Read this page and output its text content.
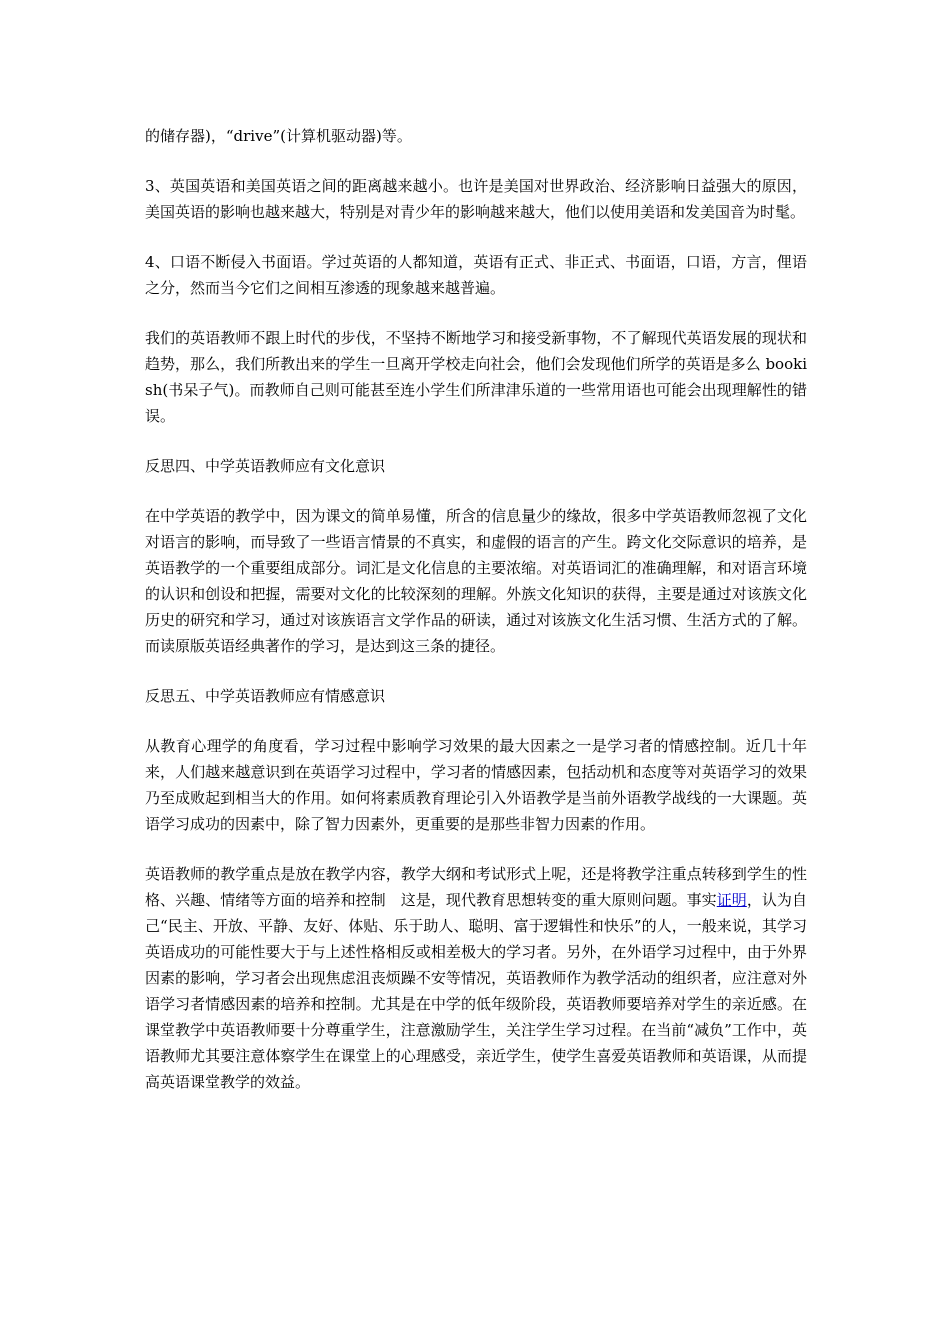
的储存器)，“drive”(计算机驱动器)等。

3、英国英语和美国英语之间的距离越来越小。也许是美国对世界政治、经济影响日益强大的原因，美国英语的影响也越来越大，特别是对青少年的影响越来越大，他们以使用美语和发美国音为时髦。

4、口语不断侵入书面语。学过英语的人都知道，英语有正式、非正式、书面语，口语，方言，俚语之分，然而当今它们之间相互渗透的现象越来越普遍。

我们的英语教师不跟上时代的步伐，不坚持不断地学习和接受新事物，不了解现代英语发展的现状和趋势，那么，我们所教出来的学生一旦离开学校走向社会，他们会发现他们所学的英语是多么 bookish(书呆子气)。而教师自己则可能甚至连小学生们所津津乐道的一些常用语也可能会出现理解性的错误。

反思四、中学英语教师应有文化意识

在中学英语的教学中，因为课文的简单易懂，所含的信息量少的缘故，很多中学英语教师忽视了文化对语言的影响，而导致了一些语言情景的不真实，和虚假的语言的产生。跨文化交际意识的培养，是英语教学的一个重要组成部分。词汇是文化信息的主要浓缩。对英语词汇的准确理解，和对语言环境的认识和创设和把握，需要对文化的比较深刻的理解。外族文化知识的获得，主要是通过对该族文化历史的研究和学习，通过对该族语言文学作品的研读，通过对该族文化生活习惯、生活方式的了解。而读原版英语经典著作的学习，是达到这三条的捷径。

反思五、中学英语教师应有情感意识

从教育心理学的角度看，学习过程中影响学习效果的最大因素之一是学习者的情感控制。近几十年来，人们越来越意识到在英语学习过程中，学习者的情感因素，包括动机和态度等对英语学习的效果乃至成败起到相当大的作用。如何将素质教育理论引入外语教学是当前外语教学战线的一大课题。英语学习成功的因素中，除了智力因素外，更重要的是那些非智力因素的作用。

英语教师的教学重点是放在教学内容，教学大纲和考试形式上呢，还是将教学注重点转移到学生的性格、兴趣、情绪等方面的培养和控制　这是，现代教育思想转变的重大原则问题。事实证明，认为自己“民主、开放、平静、友好、体贴、乐于助人、聪明、富于逻辑性和快乐”的人，一般来说，其学习英语成功的可能性要大于与上述性格相反或相差极大的学习者。另外，在外语学习过程中，由于外界因素的影响，学习者会出现焦虑沮丧烦躁不安等情况，英语教师作为教学活动的组织者，应注意对外语学习者情感因素的培养和控制。尤其是在中学的低年级阶段，英语教师要培养对学生的亲近感。在课堂教学中英语教师要十分尊重学生，注意激励学生，关注学生学习过程。在当前“减负”工作中，英语教师尤其要注意体察学生在课堂上的心理感受，亲近学生，使学生喜爱英语教师和英语课，从而提高英语课堂教学的效益。
